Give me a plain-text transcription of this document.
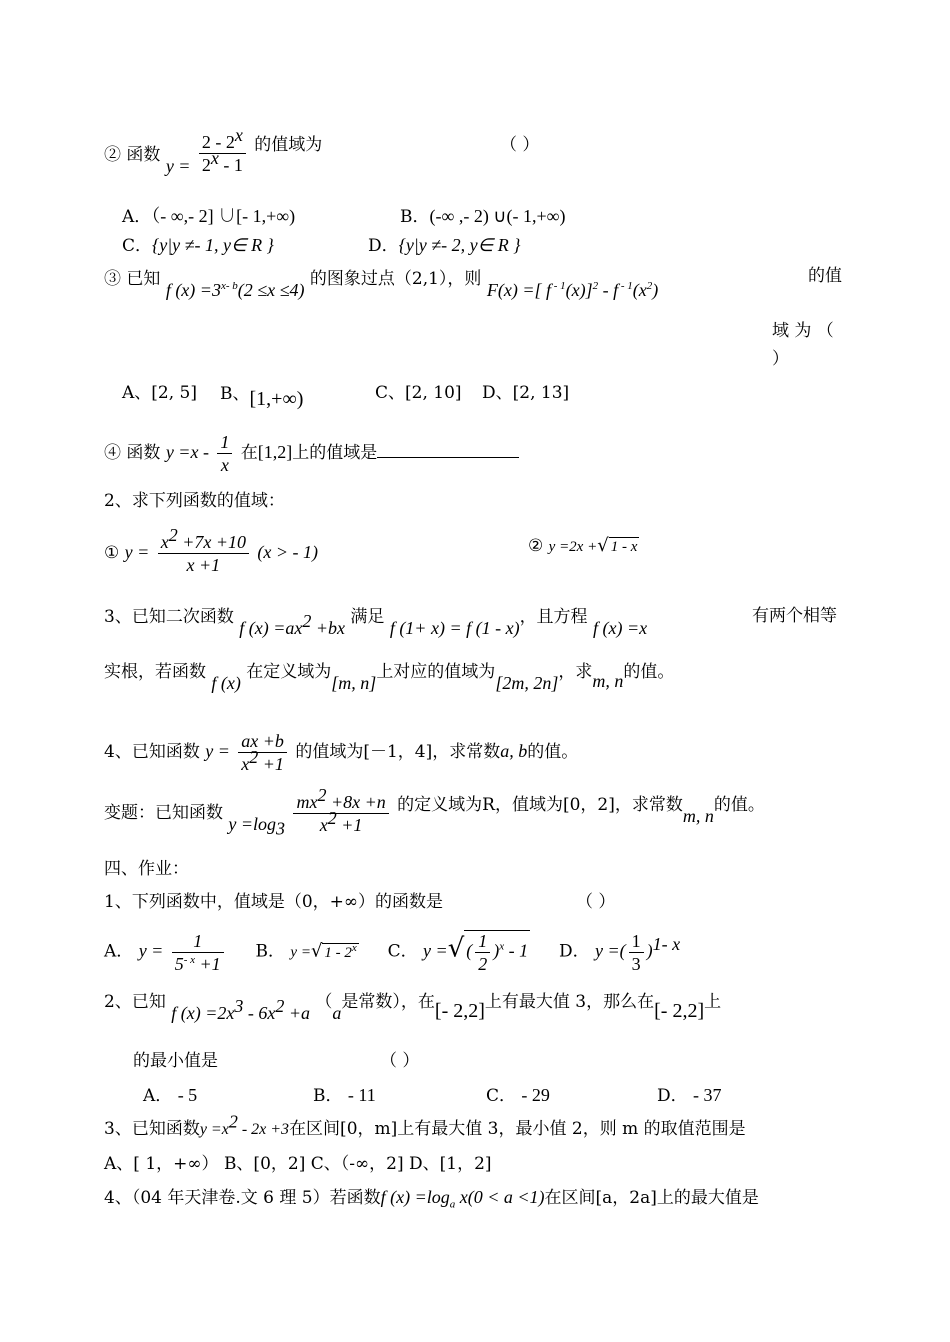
② 函数 $y = \frac{2 - 2^x}{2^x - 1}$ 的值域为	（ ）
A．（- ∞,- 2] ∪[- 1,+∞)	B．(-∞ ,- 2) ∪(- 1,+∞)
C．{y|y ≠- 1, y∈ R }	D．{y|y ≠- 2, y∈ R }
③ 已知 f $(x) =3^{x- b}(2 \le x \le 4)$ 的图象过点（2,1），则 F(x) =[ f $^{- 1}$(x)]$^2$ - f $^{- 1}(x^2)$
的值
域 为 （
）
A、[2, 5] B、[1,+∞)	C、[2, 10] D、[2, 13]
④ 函数 $y =x - \frac{1}{x}$ 在[1,2]上的值域是
2、求下列函数的值域：
① $y = \frac{x^2 +7x +10}{x +1} (x$ > - 1)	② y =2x +√ 1 - x
3、已知二次函数 f $(x) =ax^2 +bx$ 满足 f (1+ x) = f (1 - x)，且方程 f (x) =x
有两个相等
实根，若函数 f (x) 在定义域为[m, n]上对应的值域为[2m, 2n]，求m, n的值。
4、已知函数 $y = \frac{ax +b}{x^2 +1}$ 的值域为[－1，4]，求常数a, b的值。
变题：已知函数 $y =\log_3 \frac{mx^2 +8x +n}{x^2 +1}$ 的定义域为R，值域为[0，2]，求常数m, n的值。
四、作业：
1、下列函数中，值域是（0，+∞）的函数是	（ ）
A． $y = \frac{1}{5^{- x} +1}$ B． y =√ 1 - 2$^x$ C． y =√ ( $\frac{1}{2} )^x - 1$ D． y =( $\frac{1}{3} )^{1- x}$
2、已知 f $(x) =2x^3 - 6x^2 +a$ （a是常数），在[- 2,2]上有最大值 3，那么在[- 2,2]上
的最小值是	（ ）
A． - 5	B． - 11	C． - 29	D． - 37
3、已知函数$y =x^2 - 2x +3$在区间[0，m]上有最大值 3，最小值 2，则 m 的取值范围是
A、[ 1，+∞） B、[0，2] C、（-∞，2] D、[1，2]
4、（04 年天津卷.文 6 理 5）若函数f $(x) =\log_a$ x(0 < a <1)在区间[a，2a]上的最大值是
